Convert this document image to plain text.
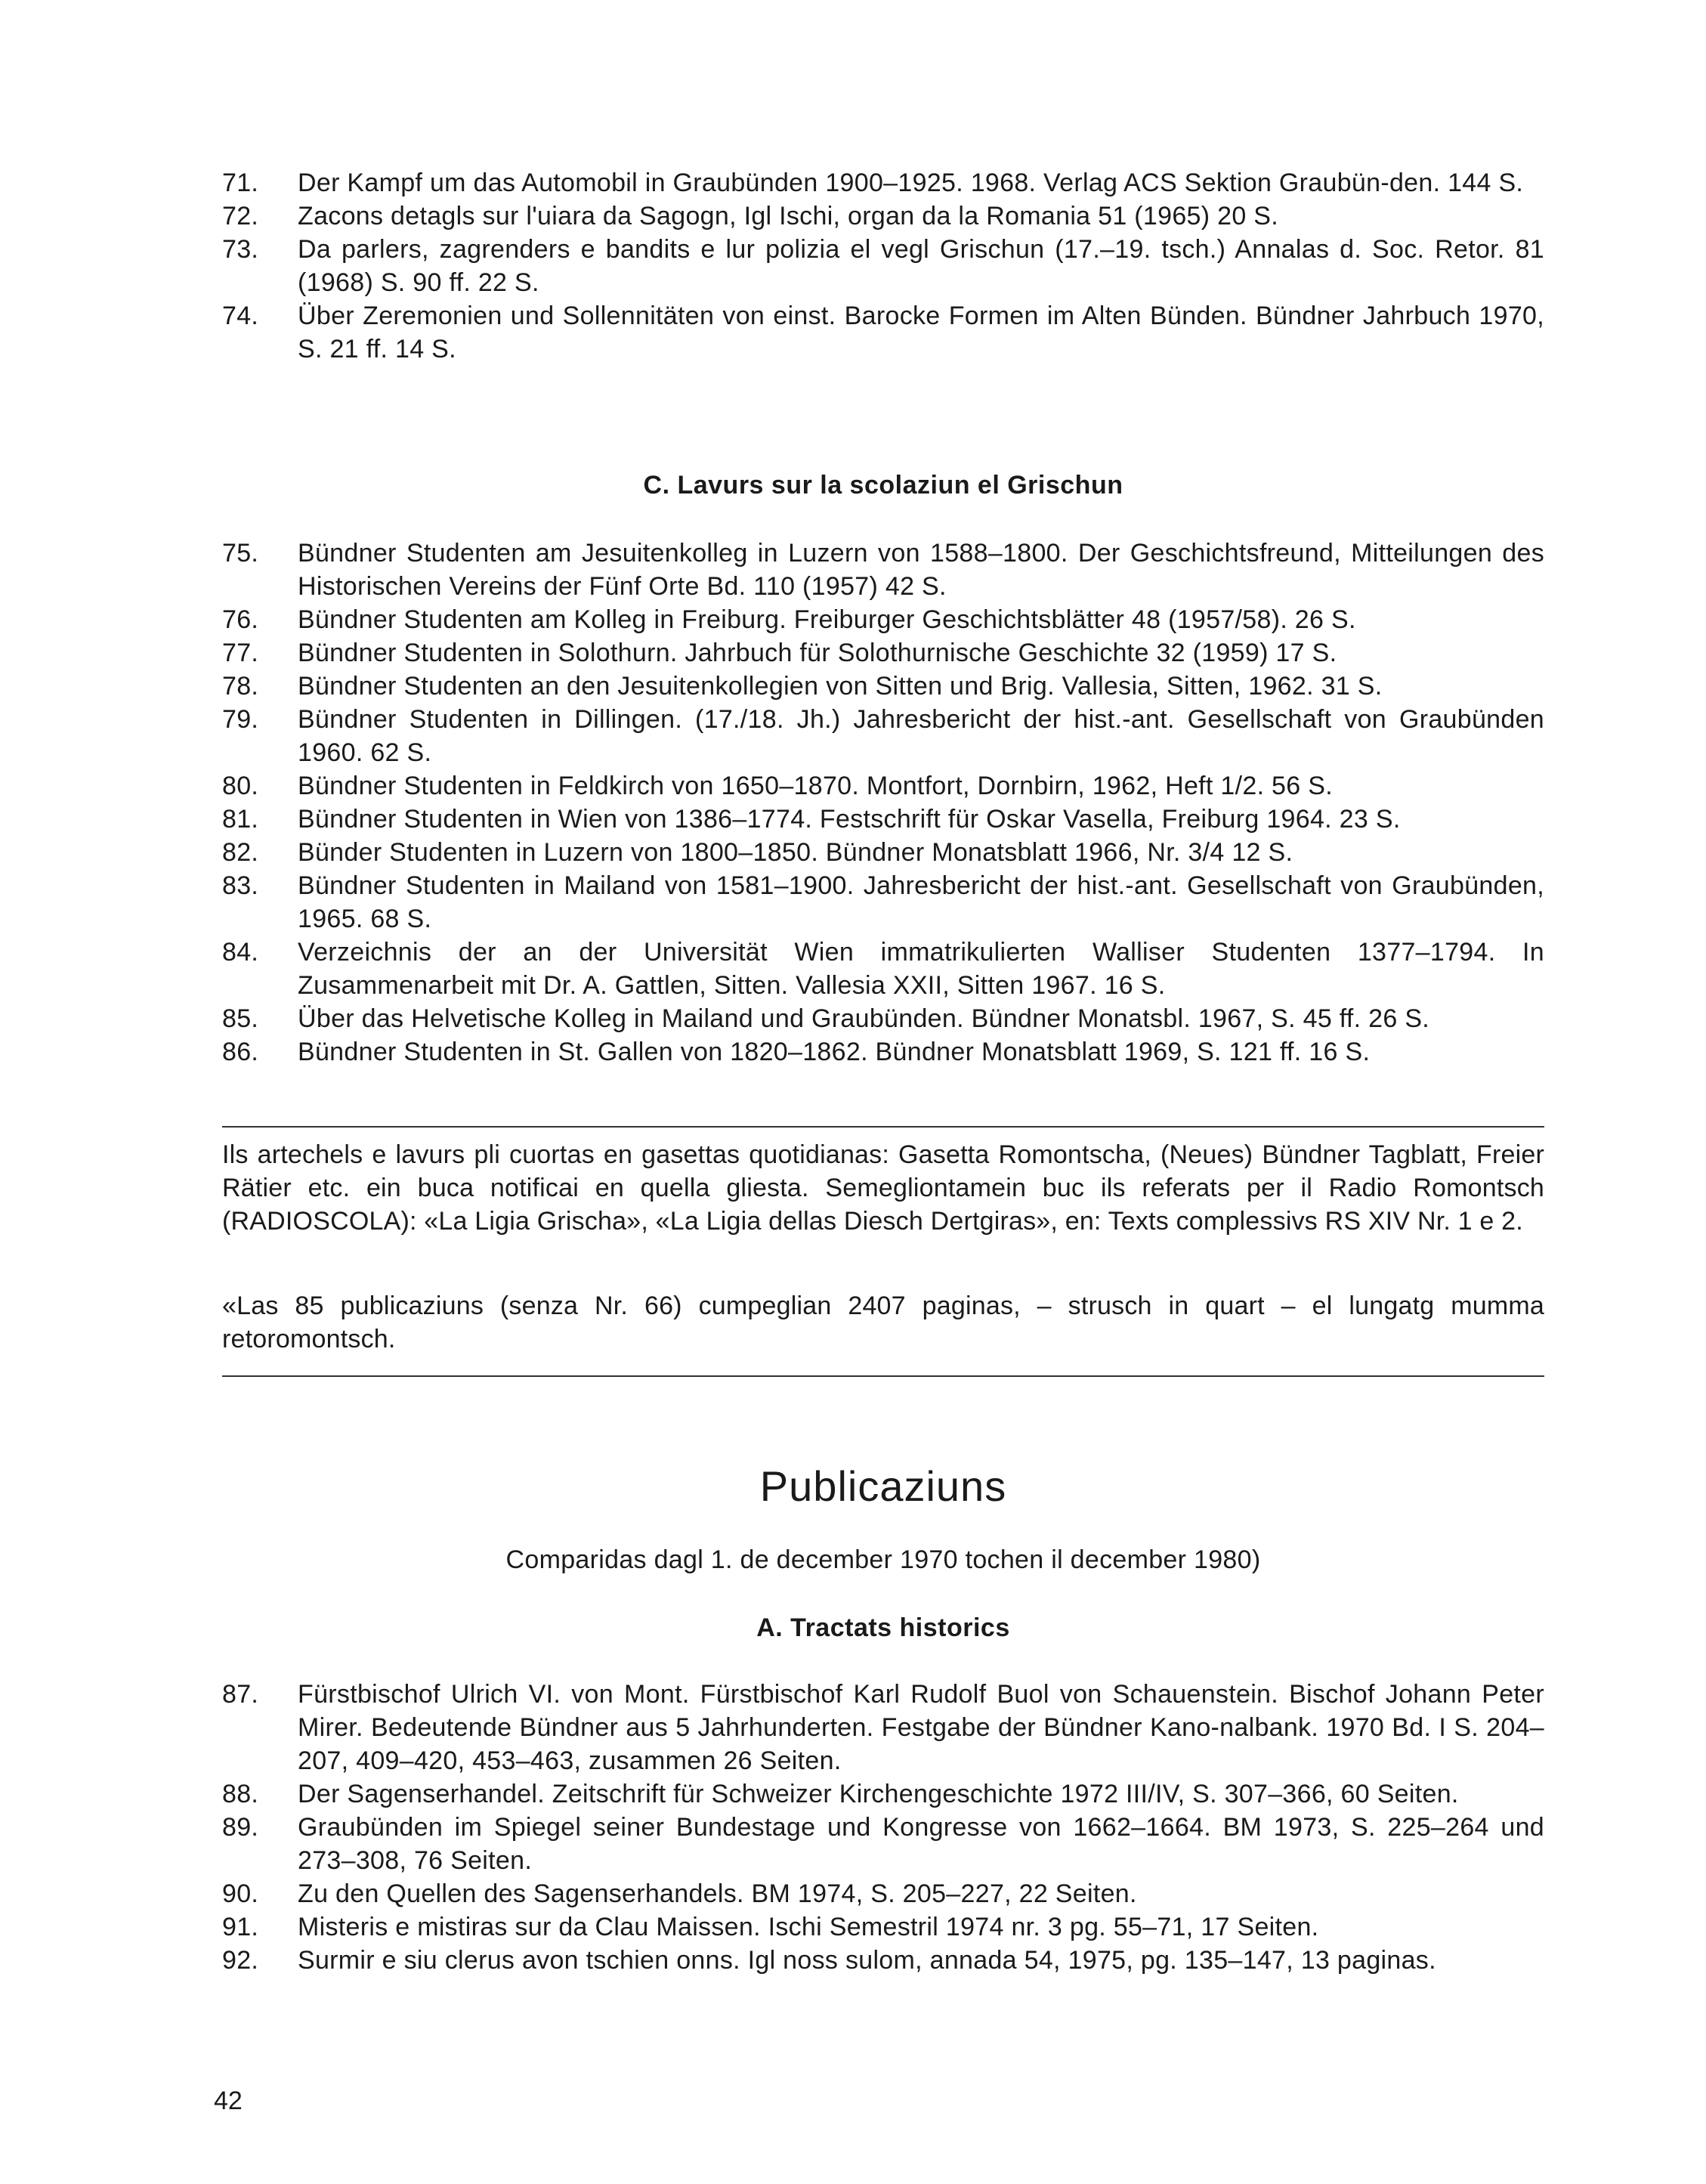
71.	Der Kampf um das Automobil in Graubünden 1900–1925. 1968. Verlag ACS Sektion Graubün-den. 144 S.
72.	Zacons detagls sur l'uiara da Sagogn, Igl Ischi, organ da la Romania 51 (1965) 20 S.
73.	Da parlers, zagrenders e bandits e lur polizia el vegl Grischun (17.–19. tsch.) Annalas d. Soc. Retor. 81 (1968) S. 90 ff. 22 S.
74.	Über Zeremonien und Sollennitäten von einst. Barocke Formen im Alten Bünden. Bündner Jahrbuch 1970, S. 21 ff. 14 S.
C. Lavurs sur la scolaziun el Grischun
75.	Bündner Studenten am Jesuitenkolleg in Luzern von 1588–1800. Der Geschichtsfreund, Mitteilungen des Historischen Vereins der Fünf Orte Bd. 110 (1957) 42 S.
76.	Bündner Studenten am Kolleg in Freiburg. Freiburger Geschichtsblätter 48 (1957/58). 26 S.
77.	Bündner Studenten in Solothurn. Jahrbuch für Solothurnische Geschichte 32 (1959) 17 S.
78.	Bündner Studenten an den Jesuitenkollegien von Sitten und Brig. Vallesia, Sitten, 1962. 31 S.
79.	Bündner Studenten in Dillingen. (17./18. Jh.) Jahresbericht der hist.-ant. Gesellschaft von Graubünden 1960. 62 S.
80.	Bündner Studenten in Feldkirch von 1650–1870. Montfort, Dornbirn, 1962, Heft 1/2. 56 S.
81.	Bündner Studenten in Wien von 1386–1774. Festschrift für Oskar Vasella, Freiburg 1964. 23 S.
82.	Bünder Studenten in Luzern von 1800–1850. Bündner Monatsblatt 1966, Nr. 3/4 12 S.
83.	Bündner Studenten in Mailand von 1581–1900. Jahresbericht der hist.-ant. Gesellschaft von Graubünden, 1965. 68 S.
84.	Verzeichnis der an der Universität Wien immatrikulierten Walliser Studenten 1377–1794. In Zusammenarbeit mit Dr. A. Gattlen, Sitten. Vallesia XXII, Sitten 1967. 16 S.
85.	Über das Helvetische Kolleg in Mailand und Graubünden. Bündner Monatsbl. 1967, S. 45 ff. 26 S.
86.	Bündner Studenten in St. Gallen von 1820–1862. Bündner Monatsblatt 1969, S. 121 ff. 16 S.

Ils artechels e lavurs pli cuortas en gasettas quotidianas: Gasetta Romontscha, (Neues) Bündner Tagblatt, Freier Rätier etc. ein buca notificai en quella gliesta. Semegliontamein buc ils referats per il Radio Romontsch (RADIOSCOLA): «La Ligia Grischa», «La Ligia dellas Diesch Dertgiras», en: Texts complessivs RS XIV Nr. 1 e 2.

«Las 85 publicaziuns (senza Nr. 66) cumpeglian 2407 paginas, – strusch in quart – el lungatg mumma retoromontsch.

Publicaziuns
Comparidas dagl 1. de december 1970 tochen il december 1980)
A. Tractats historics
87.	Fürstbischof Ulrich VI. von Mont. Fürstbischof Karl Rudolf Buol von Schauenstein. Bischof Johann Peter Mirer. Bedeutende Bündner aus 5 Jahrhunderten. Festgabe der Bündner Kano-nalbank. 1970 Bd. I S. 204–207, 409–420, 453–463, zusammen 26 Seiten.
88.	Der Sagenserhandel. Zeitschrift für Schweizer Kirchengeschichte 1972 III/IV, S. 307–366, 60 Seiten.
89.	Graubünden im Spiegel seiner Bundestage und Kongresse von 1662–1664. BM 1973, S. 225–264 und 273–308, 76 Seiten.
90.	Zu den Quellen des Sagenserhandels. BM 1974, S. 205–227, 22 Seiten.
91.	Misteris e mistiras sur da Clau Maissen. Ischi Semestril 1974 nr. 3 pg. 55–71, 17 Seiten.
92.	Surmir e siu clerus avon tschien onns. Igl noss sulom, annada 54, 1975, pg. 135–147, 13 paginas.
42
